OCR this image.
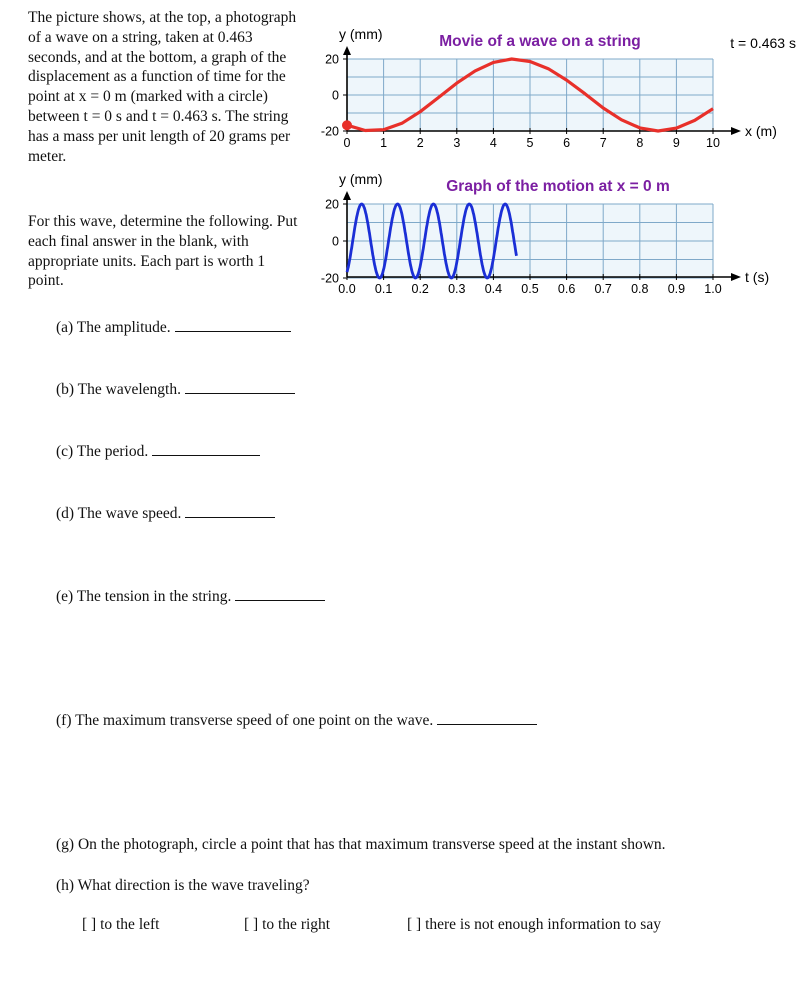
The picture shows, at the top, a photograph of a wave on a string, taken at 0.463 seconds, and at the bottom, a graph of the displacement as a function of time for the point at x = 0 m (marked with a circle) between t = 0 s and t = 0.463 s. The string has a mass per unit length of 20 grams per meter.

For this wave, determine the following. Put each final answer in the blank, with appropriate units. Each part is worth 1 point.

20
0
-20
0 1 2 3 4 5 6 7 8 9 10
y (mm)
x (m)
Movie of a wave on a string	t = 0.463 s
20
0
-20
0.0 0.1 0.2 0.3 0.4 0.5 0.6 0.7 0.8 0.9 1.0
y (mm)
t (s)
Graph of the motion at x = 0 m
(a) The amplitude.
(b) The wavelength.
(c) The period.
(d) The wave speed.
(e) The tension in the string.
(f) The maximum transverse speed of one point on the wave.
(g) On the photograph, circle a point that has that maximum transverse speed at the instant shown.
(h) What direction is the wave traveling?
[ ] to the left	[ ] to the right	[ ] there is not enough information to say
